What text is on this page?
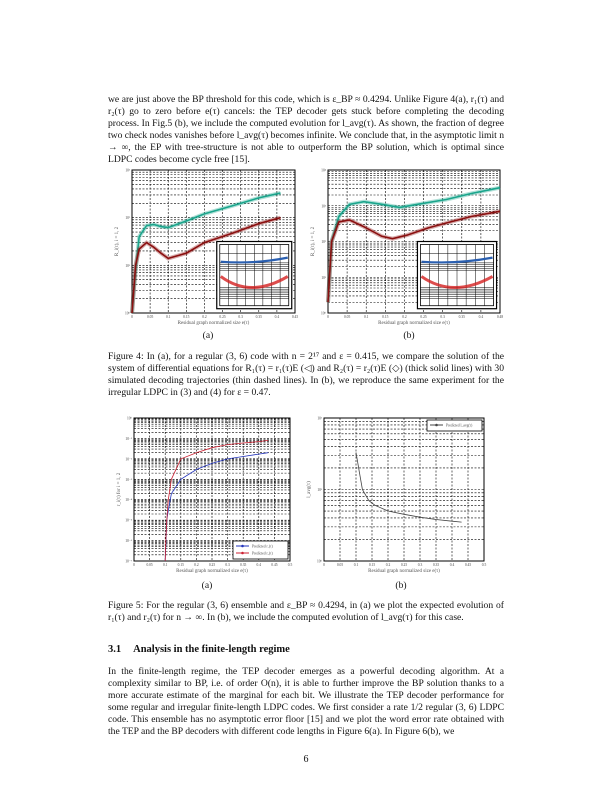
we are just above the BP threshold for this code, which is ε_BP ≈ 0.4294. Unlike Figure 4(a), r₁(τ) and r₂(τ) go to zero before e(τ) cancels: the TEP decoder gets stuck before completing the decoding process. In Fig.5 (b), we include the computed evolution for l_avg(τ). As shown, the fraction of degree two check nodes vanishes before l_avg(τ) becomes infinite. We conclude that, in the asymptotic limit n → ∞, the EP with tree-structure is not able to outperform the BP solution, which is optimal since LDPC codes become cycle free [15].

0	0.05	0.1	0.15	0.2	0.25	0.3	0.35	0.4	0.45
10⁰
10¹
10²
10³
Residual graph normalized size e(τ)
R_i(τ), i = 1, 2
0	0.05	0.1	0.15	0.2	0.25	0.3	0.35	0.4	0.48
10⁰
10¹
10²
10³
10⁴
Residual graph normalized size e(τ)
R_i(τ), i = 1, 2
(a)	(b)
Figure 4: In (a), for a regular (3, 6) code with n = 2¹⁷ and ε = 0.415, we compare the solution of the system of differential equations for R₁(τ) = r₁(τ)E (◁) and R₂(τ) = r₂(τ)E (◇) (thick solid lines) with 30 simulated decoding trajectories (thin dashed lines). In (b), we reproduce the same experiment for the irregular LDPC in (3) and (4) for ε = 0.47.
0	0.05	0.1	0.15	0.2	0.25	0.3	0.35	0.4	0.45	0.5
10⁻⁷
10⁻⁶
10⁻⁵
10⁻⁴
10⁻³
10⁻²
10⁻¹
10⁰
Predicted r₁(τ)
Predicted r₂(τ)
Residual graph normalized size e(τ)
r_i(τ) for i = 1, 2
0	0.05	0.1	0.15	0.2	0.25	0.3	0.35	0.4	0.45	0.5
10⁰
10¹
10²
Predicted l_avg(τ)
Residual graph normalized size e(τ)
l_avg(τ)
(a)	(b)
Figure 5: For the regular (3, 6) ensemble and ε_BP ≈ 0.4294, in (a) we plot the expected evolution of r₁(τ) and r₂(τ) for n → ∞. In (b), we include the computed evolution of l_avg(τ) for this case.
3.1 Analysis in the finite-length regime

In the finite-length regime, the TEP decoder emerges as a powerful decoding algorithm. At a complexity similar to BP, i.e. of order O(n), it is able to further improve the BP solution thanks to a more accurate estimate of the marginal for each bit. We illustrate the TEP decoder performance for some regular and irregular finite-length LDPC codes. We first consider a rate 1/2 regular (3, 6) LDPC code. This ensemble has no asymptotic error floor [15] and we plot the word error rate obtained with the TEP and the BP decoders with different code lengths in Figure 6(a). In Figure 6(b), we

6
